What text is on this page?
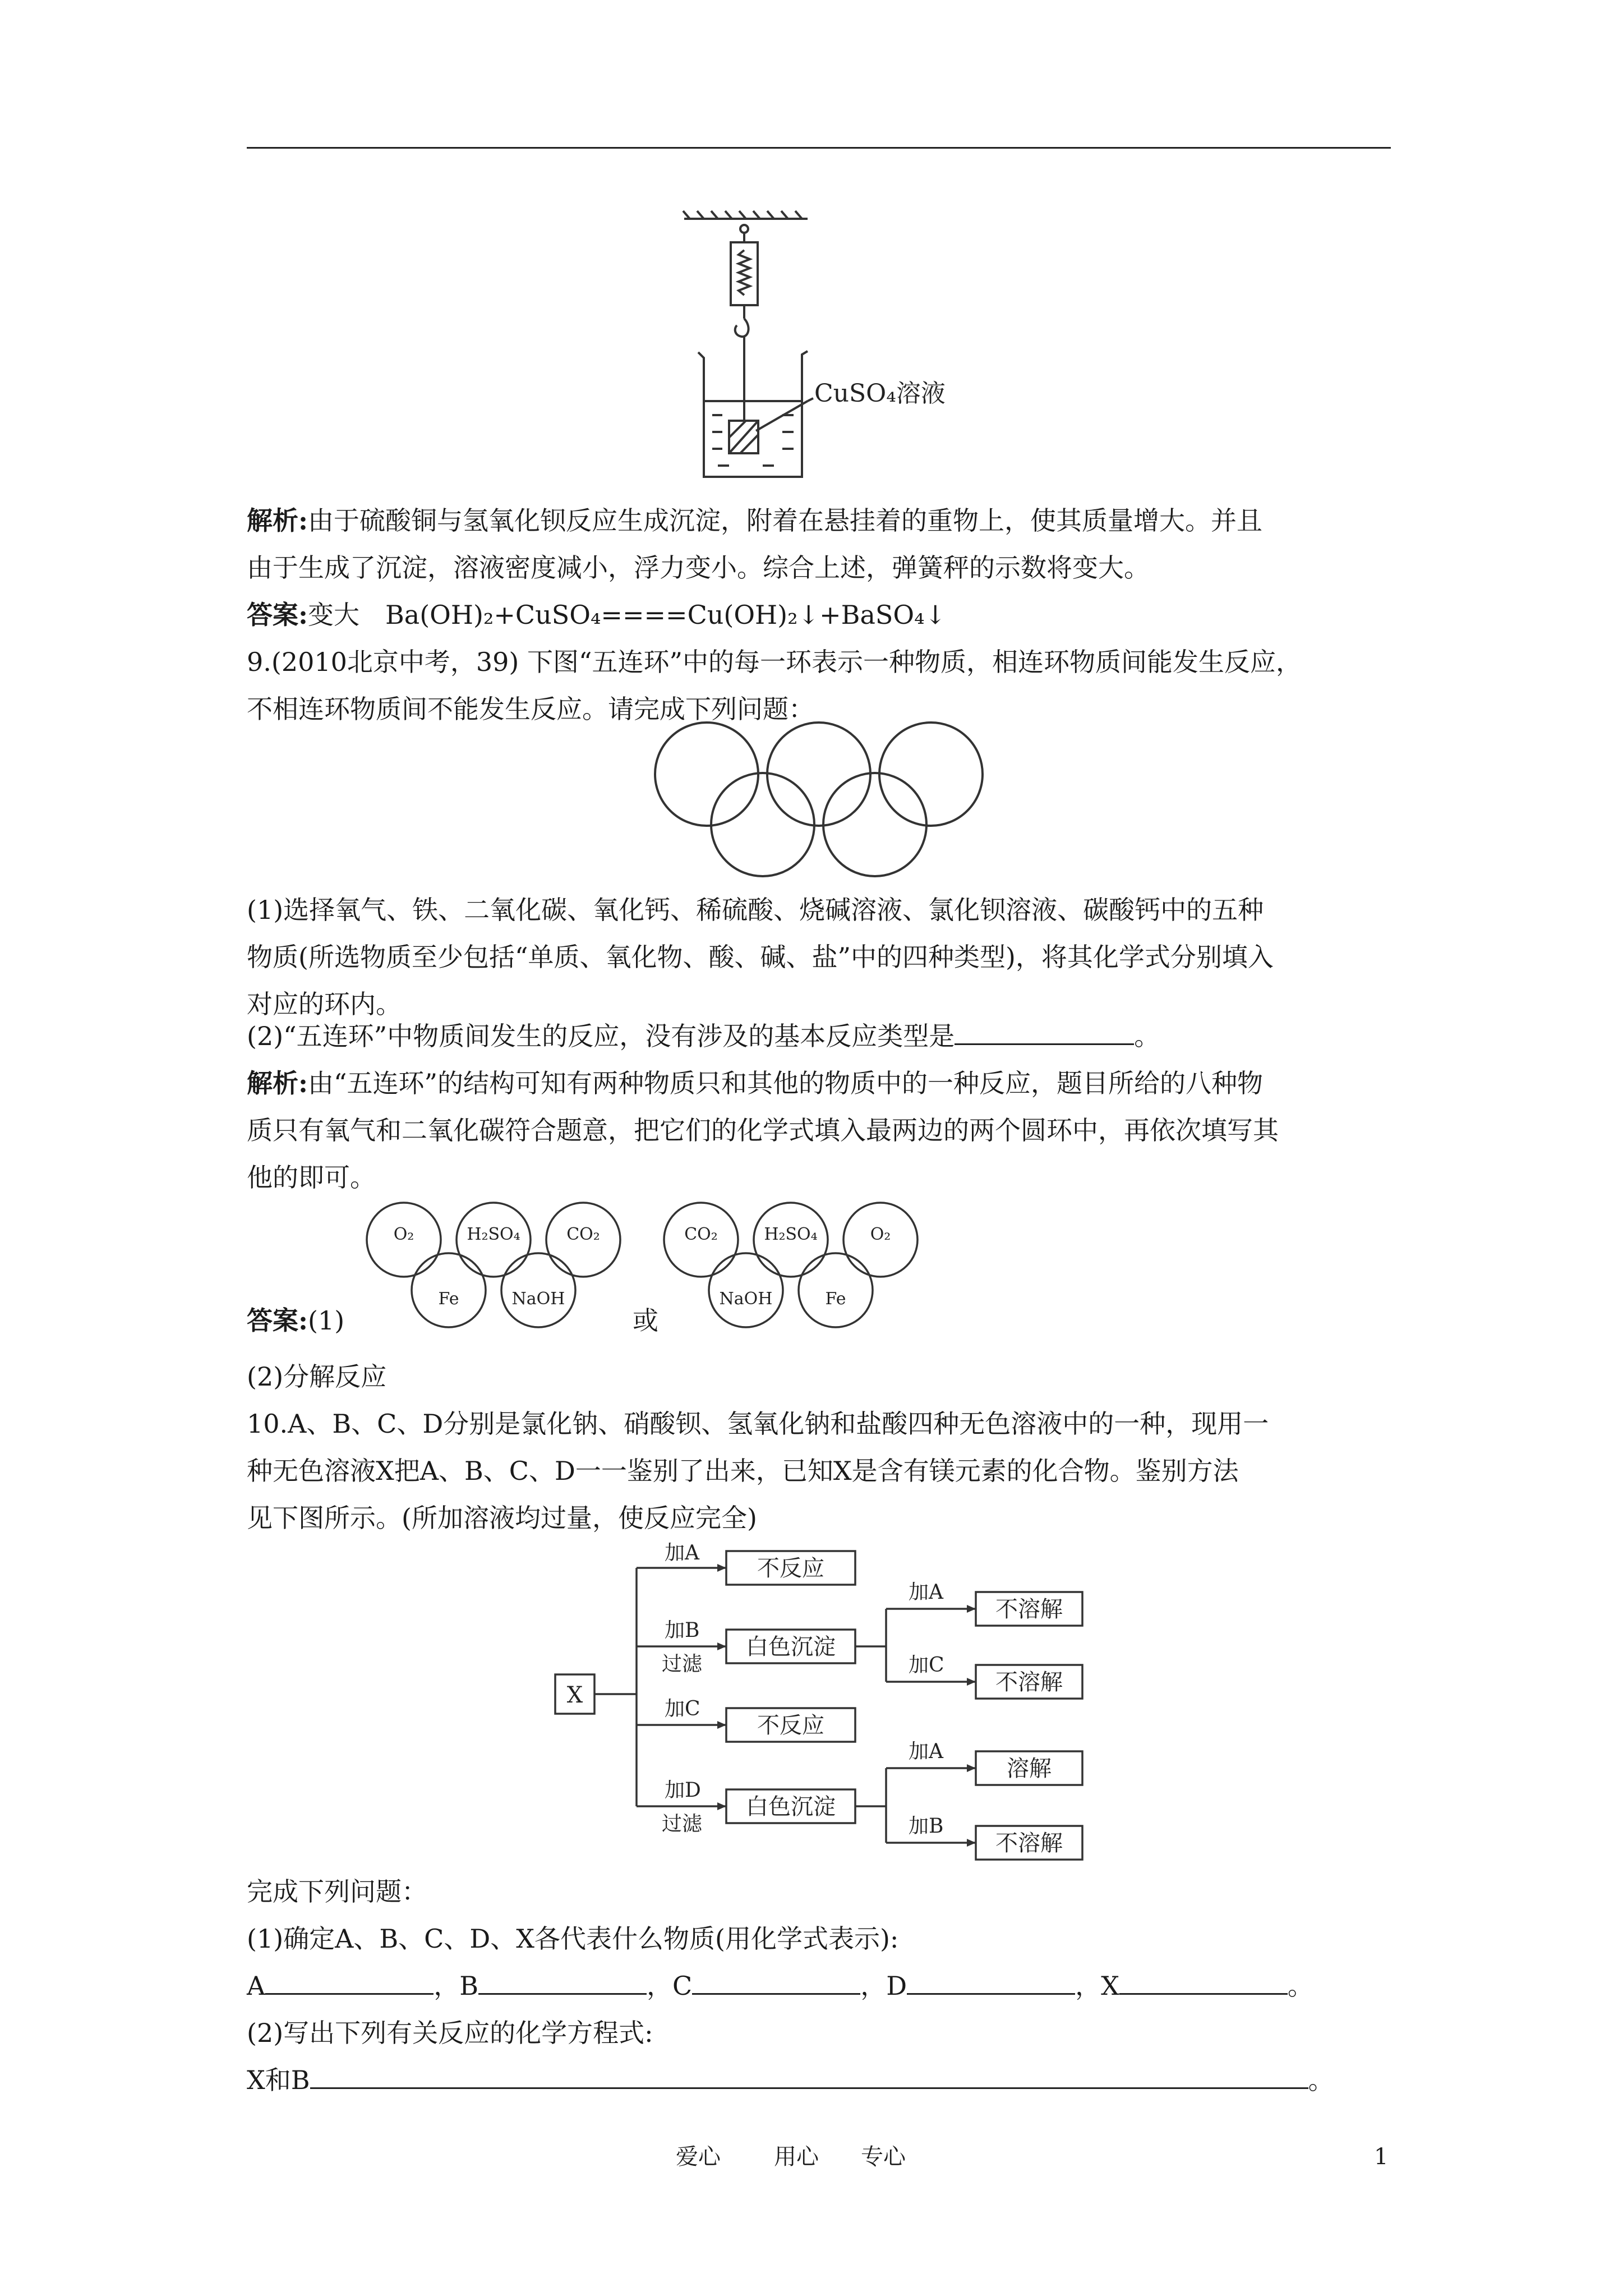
CuSO₄溶液
解析:由于硫酸铜与氢氧化钡反应生成沉淀，附着在悬挂着的重物上，使其质量增大。并且
由于生成了沉淀，溶液密度减小，浮力变小。综合上述，弹簧秤的示数将变大。
答案:变大　Ba(OH)₂+CuSO₄====Cu(OH)₂↓+BaSO₄↓
9.(2010北京中考，39) 下图“五连环”中的每一环表示一种物质，相连环物质间能发生反应，
不相连环物质间不能发生反应。请完成下列问题：
(1)选择氧气、铁、二氧化碳、氧化钙、稀硫酸、烧碱溶液、氯化钡溶液、碳酸钙中的五种
物质(所选物质至少包括“单质、氧化物、酸、碱、盐”中的四种类型)，将其化学式分别填入
对应的环内。
(2)“五连环”中物质间发生的反应，没有涉及的基本反应类型是	。
解析:由“五连环”的结构可知有两种物质只和其他的物质中的一种反应，题目所给的八种物
质只有氧气和二氧化碳符合题意，把它们的化学式填入最两边的两个圆环中，再依次填写其
他的即可。
O₂	H₂SO₄	CO₂
Fe	NaOH
CO₂	H₂SO₄	O₂
NaOH	Fe
答案:(1)	或
(2)分解反应
10.A、B、C、D分别是氯化钠、硝酸钡、氢氧化钠和盐酸四种无色溶液中的一种，现用一
种无色溶液X把A、B、C、D一一鉴别了出来，已知X是含有镁元素的化合物。鉴别方法
见下图所示。(所加溶液均过量，使反应完全)
X
加A
不反应
加B
过滤
白色沉淀
加A
不溶解
加C
不溶解
加C
不反应
加D
过滤
白色沉淀
加A
溶解
加B
不溶解
完成下列问题：
(1)确定A、B、C、D、X各代表什么物质(用化学式表示):
A	，B	，C	，D	，X	。
(2)写出下列有关反应的化学方程式:
X和B	。
爱心 用心 专心	1
